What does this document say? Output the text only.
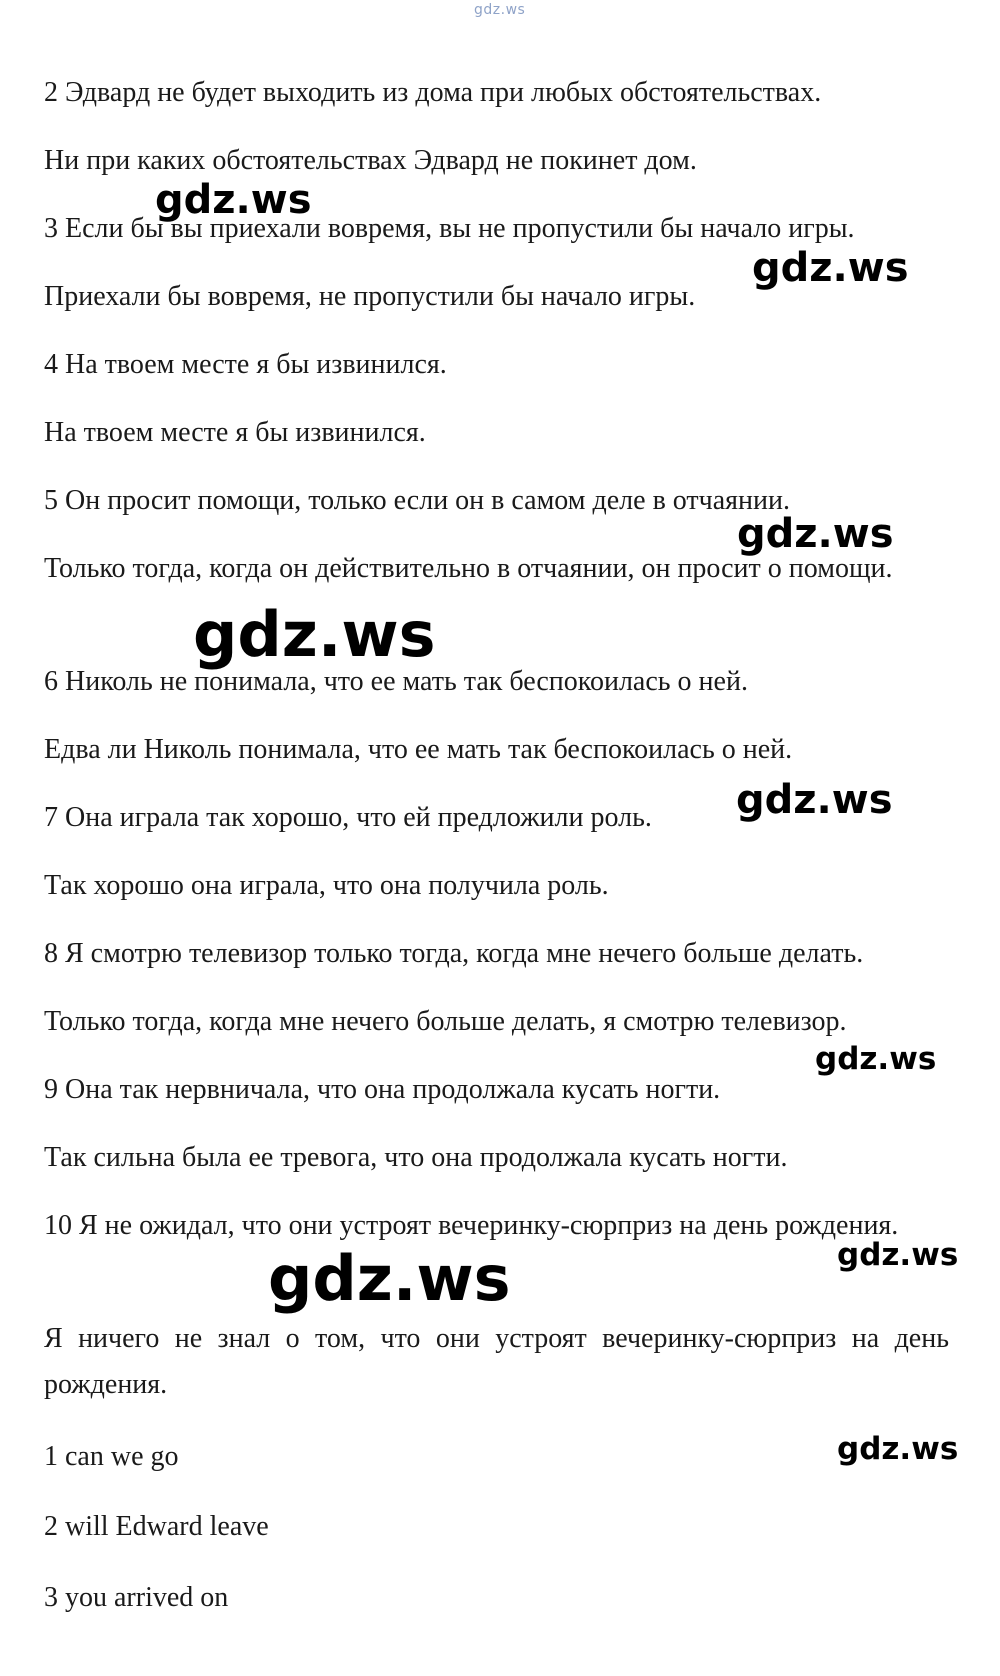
gdz.ws
2 Эдвард не будет выходить из дома при любых обстоятельствах.
Ни при каких обстоятельствах Эдвард не покинет дом.
3 Если бы вы приехали вовремя, вы не пропустили бы начало игры.
Приехали бы вовремя, не пропустили бы начало игры.
4 На твоем месте я бы извинился.
На твоем месте я бы извинился.
5 Он просит помощи, только если он в самом деле в отчаянии.
Только тогда, когда он действительно в отчаянии, он просит о помощи.
6 Николь не понимала, что ее мать так беспокоилась о ней.
Едва ли Николь понимала, что ее мать так беспокоилась о ней.
7 Она играла так хорошо, что ей предложили роль.
Так хорошо она играла, что она получила роль.
8 Я смотрю телевизор только тогда, когда мне нечего больше делать.
Только тогда, когда мне нечего больше делать, я смотрю телевизор.
9 Она так нервничала, что она продолжала кусать ногти.
Так сильна была ее тревога, что она продолжала кусать ногти.
10 Я не ожидал, что они устроят вечеринку-сюрприз на день рождения.
Я ничего не знал о том, что они устроят вечеринку-сюрприз на день рождения.
1 can we go
2 will Edward leave
3 you arrived on
gdz.ws
gdz.ws
gdz.ws
gdz.ws
gdz.ws
gdz.ws
gdz.ws
gdz.ws
gdz.ws
